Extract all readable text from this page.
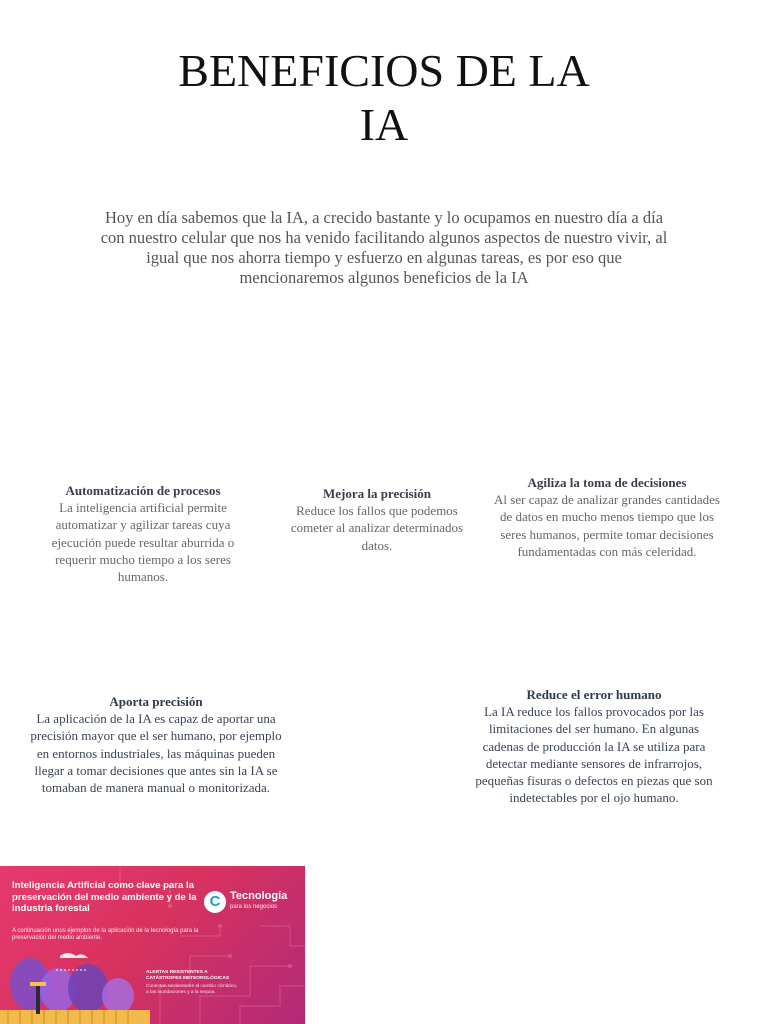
BENEFICIOS DE LA
IA

Hoy en día sabemos que la IA, a crecido bastante y lo ocupamos en nuestro día a día con nuestro celular que nos ha venido facilitando algunos aspectos de nuestro vivir, al igual que nos ahorra tiempo y esfuerzo en algunas tareas, es por eso que mencionaremos algunos beneficios de la IA

Automatización de procesos
La inteligencia artificial permite automatizar y agilizar tareas cuya ejecución puede resultar aburrida o requerir mucho tiempo a los seres humanos.
Mejora la precisión
Reduce los fallos que podemos cometer al analizar determinados datos.
Agiliza la toma de decisiones
Al ser capaz de analizar grandes cantidades de datos en mucho menos tiempo que los seres humanos, permite tomar decisiones fundamentadas con más celeridad.
Aporta precisión
La aplicación de la IA es capaz de aportar una precisión mayor que el ser humano, por ejemplo en entornos industriales, las máquinas pueden llegar a tomar decisiones que antes sin la IA se tomaban de manera manual o monitorizada.
Reduce el error humano
La IA reduce los fallos provocados por las limitaciones del ser humano. En algunas cadenas de producción la IA se utiliza para detectar mediante sensores de infrarrojos, pequeñas fisuras o defectos en piezas que son indetectables por el ojo humano.
Inteligencia Artificial como clave para la preservación del medio ambiente y de la industria forestal
A continuación unos ejemplos de la aplicación de la tecnología para la preservación del medio ambiente.
C Tecnología
para los negocios
ALERTAS RESISTENTES A CATÁSTROFES METEOROLÓGICAS
Conectan recolectores al cambio climático, a las inundaciones y a la sequía.
